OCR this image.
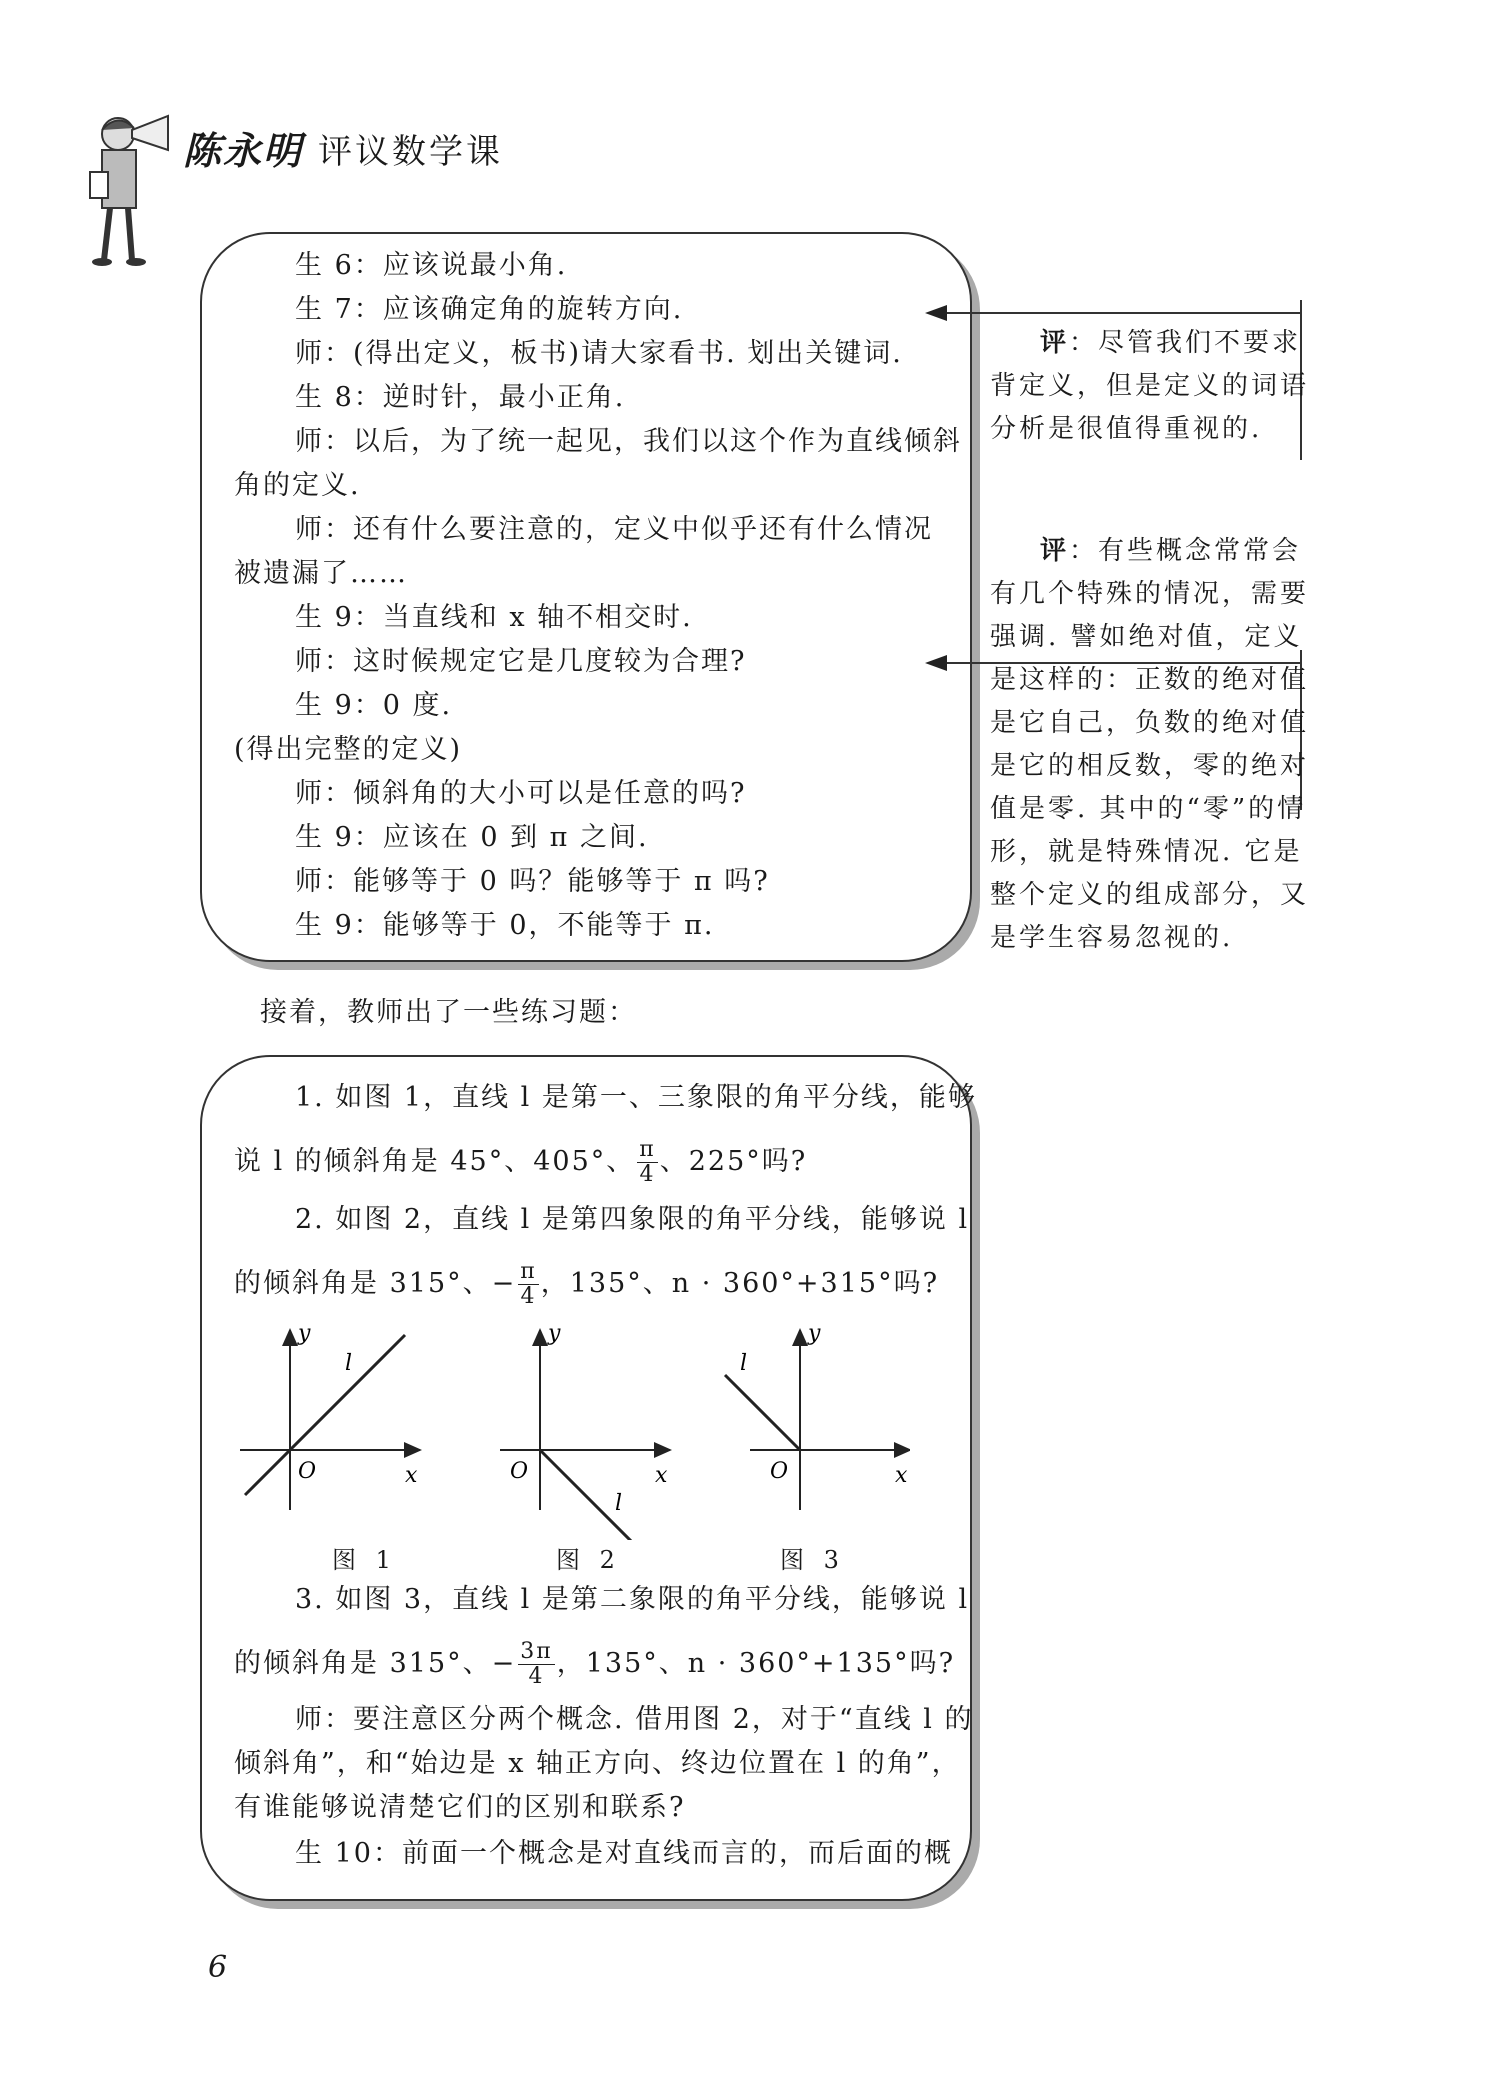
陈永明 评议数学课
生 6：应该说最小角.
生 7：应该确定角的旋转方向.
师：(得出定义，板书)请大家看书. 划出关键词.
生 8：逆时针，最小正角.
师：以后，为了统一起见，我们以这个作为直线倾斜
角的定义.
师：还有什么要注意的，定义中似乎还有什么情况
被遗漏了……
生 9：当直线和 x 轴不相交时.
师：这时候规定它是几度较为合理?
生 9：0 度.
(得出完整的定义)
师：倾斜角的大小可以是任意的吗?
生 9：应该在 0 到 π 之间.
师：能够等于 0 吗？能够等于 π 吗?
生 9：能够等于 0，不能等于 π.
评：尽管我们不要求
背定义，但是定义的词语
分析是很值得重视的.
评：有些概念常常会
有几个特殊的情况，需要
强调. 譬如绝对值，定义
是这样的：正数的绝对值
是它自己，负数的绝对值
是它的相反数，零的绝对
值是零. 其中的“零”的情
形，就是特殊情况. 它是
整个定义的组成部分，又
是学生容易忽视的.
接着，教师出了一些练习题：
1. 如图 1，直线 l 是第一、三象限的角平分线，能够
说 l 的倾斜角是 45°、405°、 $\frac{\pi}{4}$ 、225°吗?
2. 如图 2，直线 l 是第四象限的角平分线，能够说 l
的倾斜角是 315°、− $\frac{\pi}{4}$ ，135°、n · 360°+315°吗?
y
x
O
l
y
x
O
l
y
x
O
l
图 1	图 2	图 3
3. 如图 3，直线 l 是第二象限的角平分线，能够说 l
的倾斜角是 315°、− $\frac{3\pi}{4}$ ，135°、n · 360°+135°吗?
师：要注意区分两个概念. 借用图 2，对于“直线 l 的
倾斜角”，和“始边是 x 轴正方向、终边位置在 l 的角”，
有谁能够说清楚它们的区别和联系?
生 10：前面一个概念是对直线而言的，而后面的概
6
